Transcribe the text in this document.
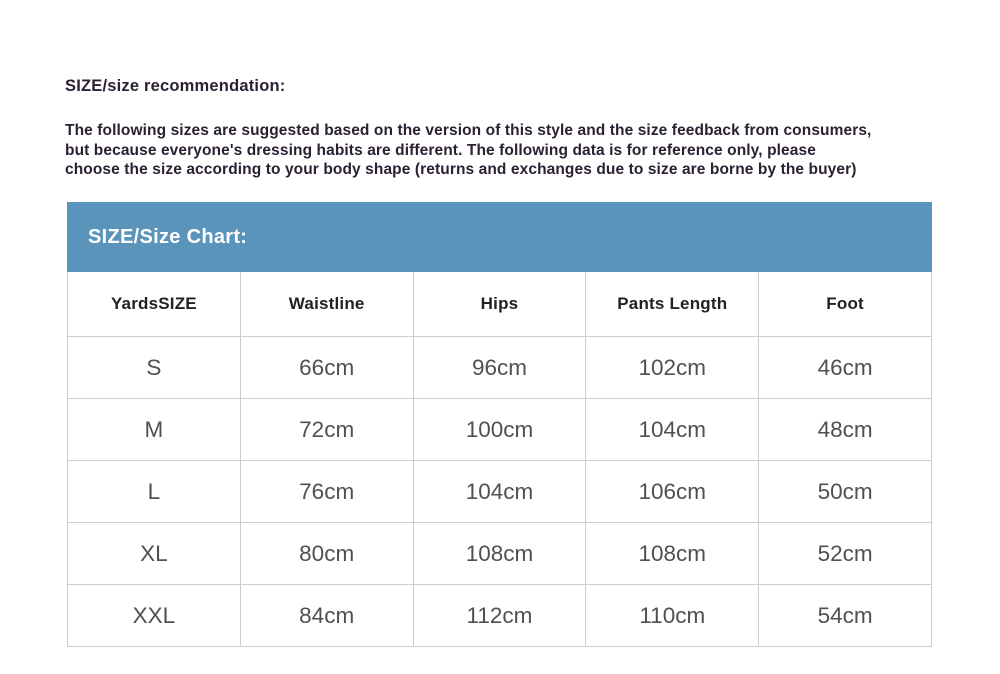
SIZE/size recommendation:
The following sizes are suggested based on the version of this style and the size feedback from consumers,
but because everyone's dressing habits are different. The following data is for reference only, please
choose the size according to your body shape (returns and exchanges due to size are borne by the buyer)
SIZE/Size Chart:
YardsSIZE	Waistline	Hips	Pants Length	Foot
S	66cm	96cm	102cm	46cm
M	72cm	100cm	104cm	48cm
L	76cm	104cm	106cm	50cm
XL	80cm	108cm	108cm	52cm
XXL	84cm	112cm	110cm	54cm
